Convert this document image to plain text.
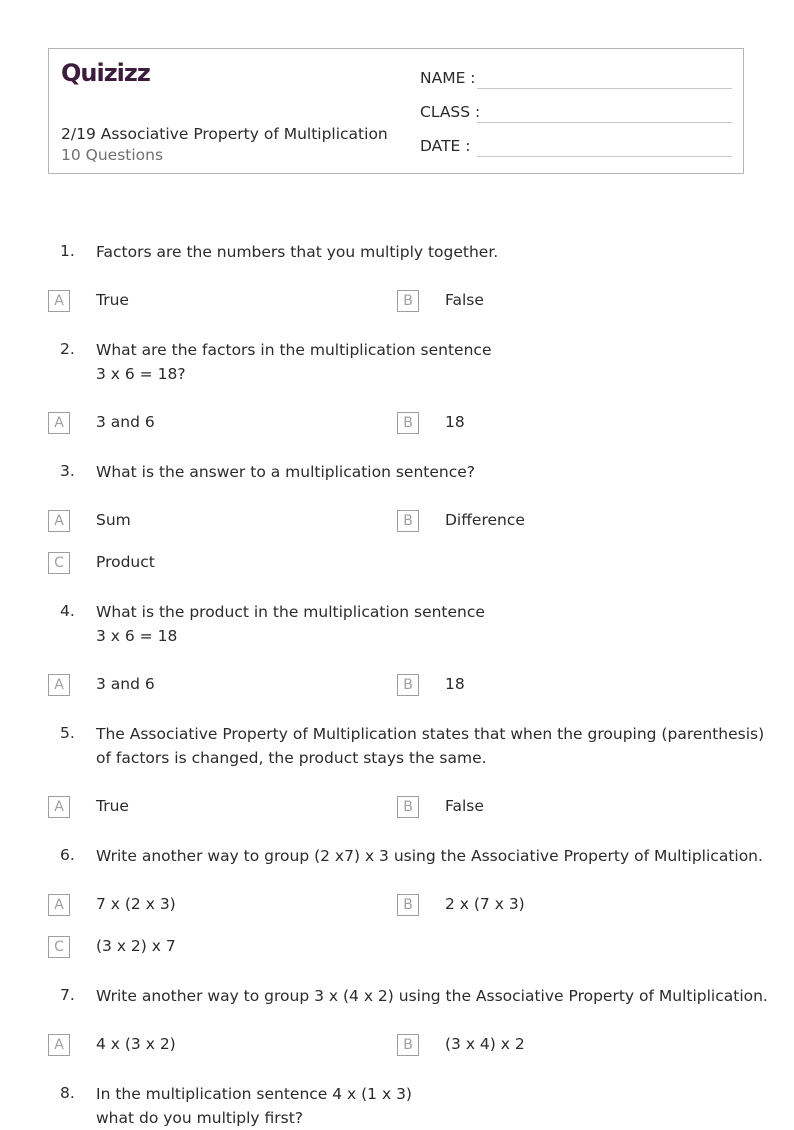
Quizizz
2/19 Associative Property of Multiplication
10 Questions
NAME :
CLASS :
DATE :
1. Factors are the numbers that you multiply together.
A	True	B	False
2. What are the factors in the multiplication sentence
3 x 6 = 18?
A	3 and 6	B	18
3. What is the answer to a multiplication sentence?
A	Sum	B	Difference
C	Product
4. What is the product in the multiplication sentence
3 x 6 = 18
A	3 and 6	B	18
5. The Associative Property of Multiplication states that when the grouping (parenthesis)
of factors is changed, the product stays the same.
A	True	B	False
6. Write another way to group (2 x7) x 3 using the Associative Property of Multiplication.
A	7 x (2 x 3)	B	2 x (7 x 3)
C	(3 x 2) x 7
7. Write another way to group 3 x (4 x 2) using the Associative Property of Multiplication.
A	4 x (3 x 2)	B	(3 x 4) x 2
8. In the multiplication sentence 4 x (1 x 3)
what do you multiply first?
